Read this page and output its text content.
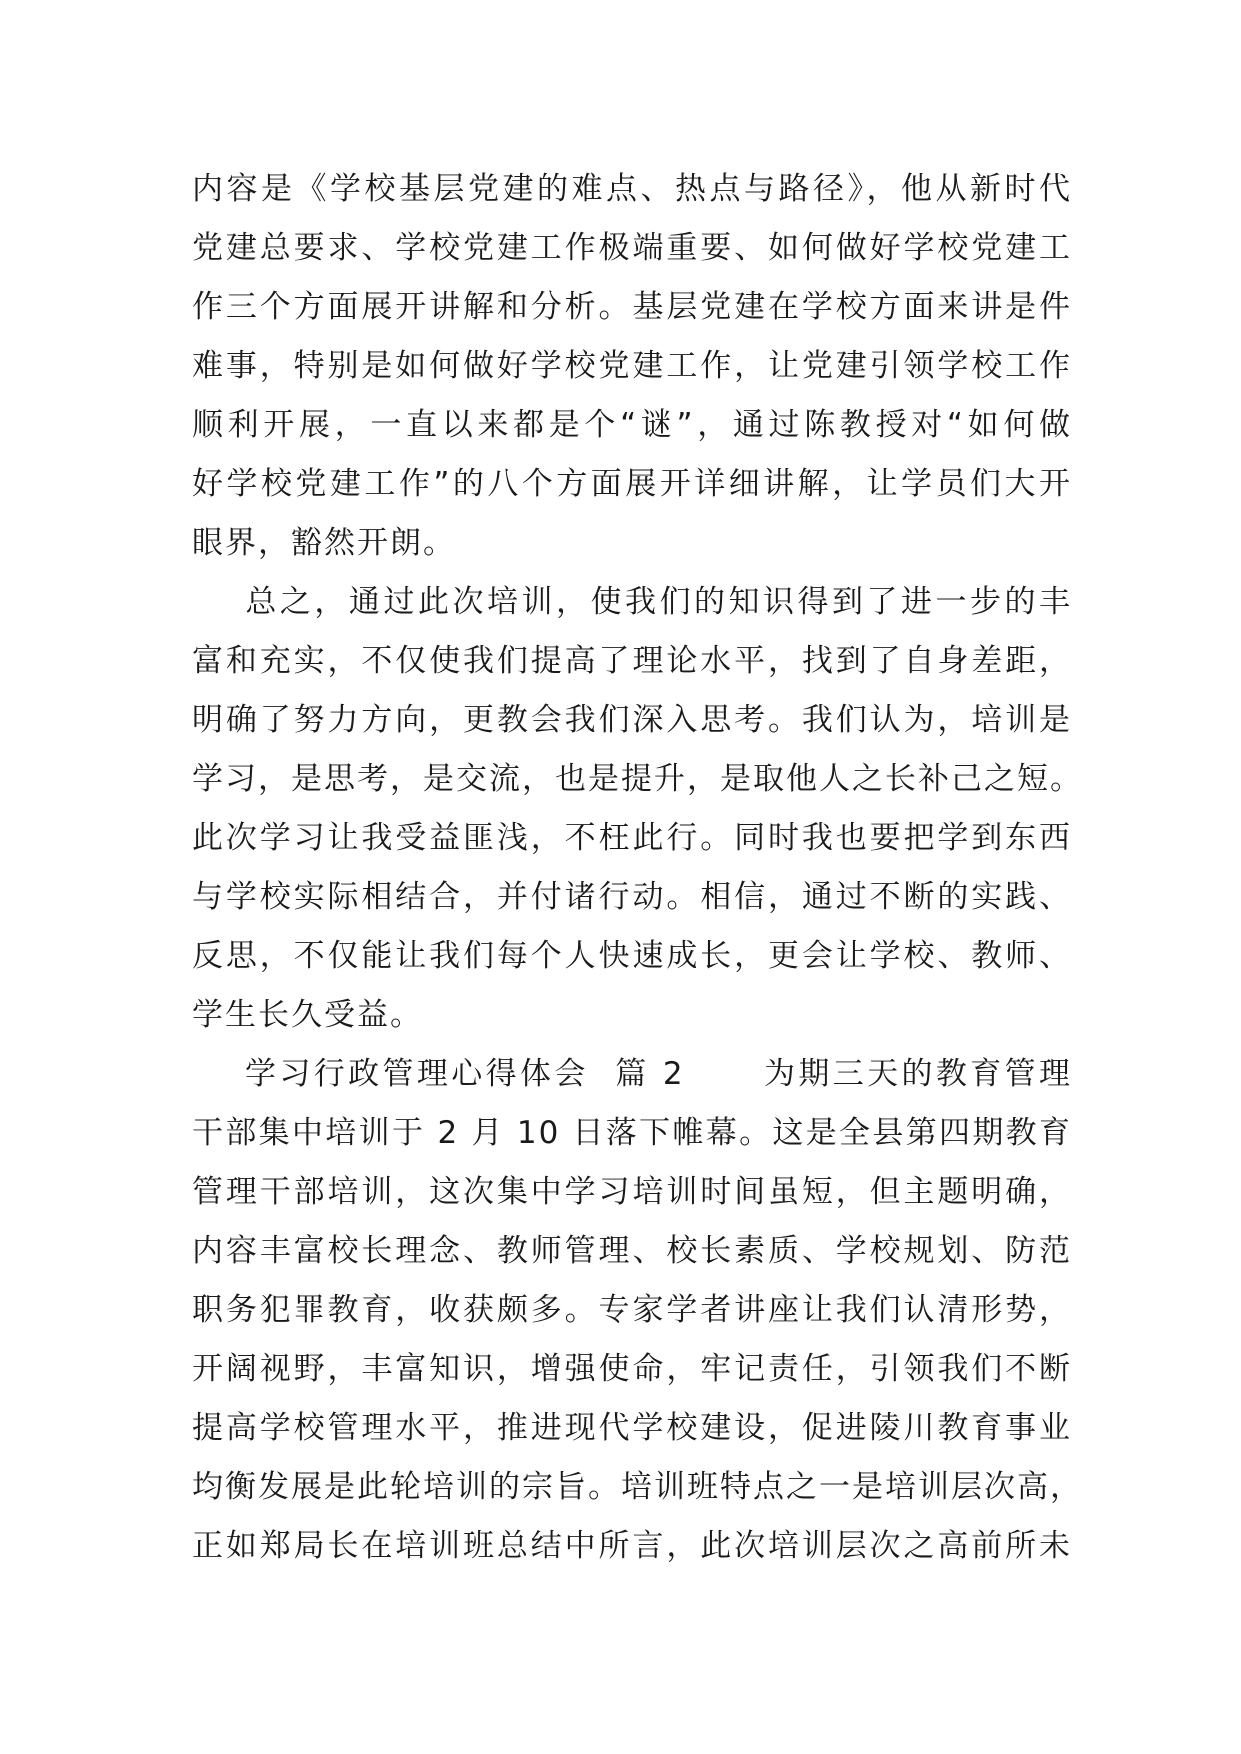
内容是《学校基层党建的难点、热点与路径》，他从新时代
党建总要求、学校党建工作极端重要、如何做好学校党建工
作三个方面展开讲解和分析。基层党建在学校方面来讲是件
难事，特别是如何做好学校党建工作，让党建引领学校工作
顺利开展，一直以来都是个“谜”，通过陈教授对“如何做
好学校党建工作”的八个方面展开详细讲解，让学员们大开
眼界，豁然开朗。
总之，通过此次培训，使我们的知识得到了进一步的丰
富和充实，不仅使我们提高了理论水平，找到了自身差距，
明确了努力方向，更教会我们深入思考。我们认为，培训是
学习，是思考，是交流，也是提升，是取他人之长补己之短。
此次学习让我受益匪浅，不枉此行。同时我也要把学到东西
与学校实际相结合，并付诸行动。相信，通过不断的实践、
反思，不仅能让我们每个人快速成长，更会让学校、教师、
学生长久受益。
学习行政管理心得体会  篇 2      为期三天的教育管理
干部集中培训于 2 月 10 日落下帷幕。这是全县第四期教育
管理干部培训，这次集中学习培训时间虽短，但主题明确，
内容丰富校长理念、教师管理、校长素质、学校规划、防范
职务犯罪教育，收获颇多。专家学者讲座让我们认清形势，
开阔视野，丰富知识，增强使命，牢记责任，引领我们不断
提高学校管理水平，推进现代学校建设，促进陵川教育事业
均衡发展是此轮培训的宗旨。培训班特点之一是培训层次高，
正如郑局长在培训班总结中所言，此次培训层次之高前所未
